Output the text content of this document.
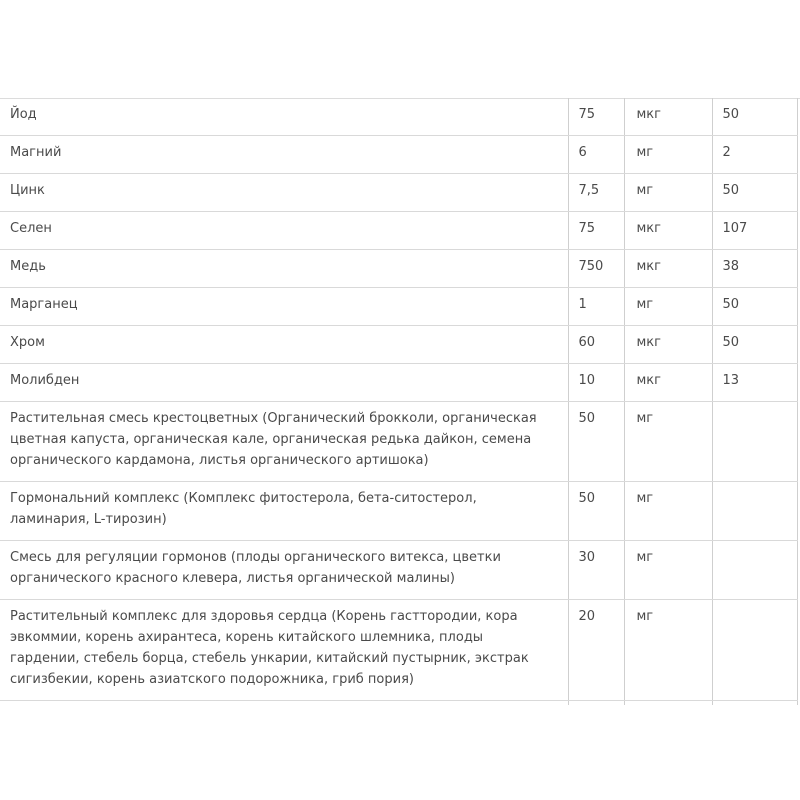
Йод	75	мкг	50
Магний	6	мг	2
Цинк	7,5	мг	50
Селен	75	мкг	107
Медь	750	мкг	38
Марганец	1	мг	50
Хром	60	мкг	50
Молибден	10	мкг	13
Растительная смесь крестоцветных (Органический брокколи, органическая цветная капуста, органическая кале, органическая редька дайкон, семена органического кардамона, листья органического артишока)	50	мг	
Гормональний комплекс (Комплекс фитостерола, бета-ситостерол, ламинария, L-тирозин)	50	мг	
Смесь для регуляции гормонов (плоды органического витекса, цветки органического красного клевера, листья органической малины)	30	мг	
Растительный комплекс для здоровья сердца (Корень гасттородии, кора эвкоммии, корень ахирантеса, корень китайского шлемника, плоды гардении, стебель борца, стебель ункарии, китайский пустырник, экстрак сигизбекии, корень азиатского подорожника, гриб пория)	20	мг	
